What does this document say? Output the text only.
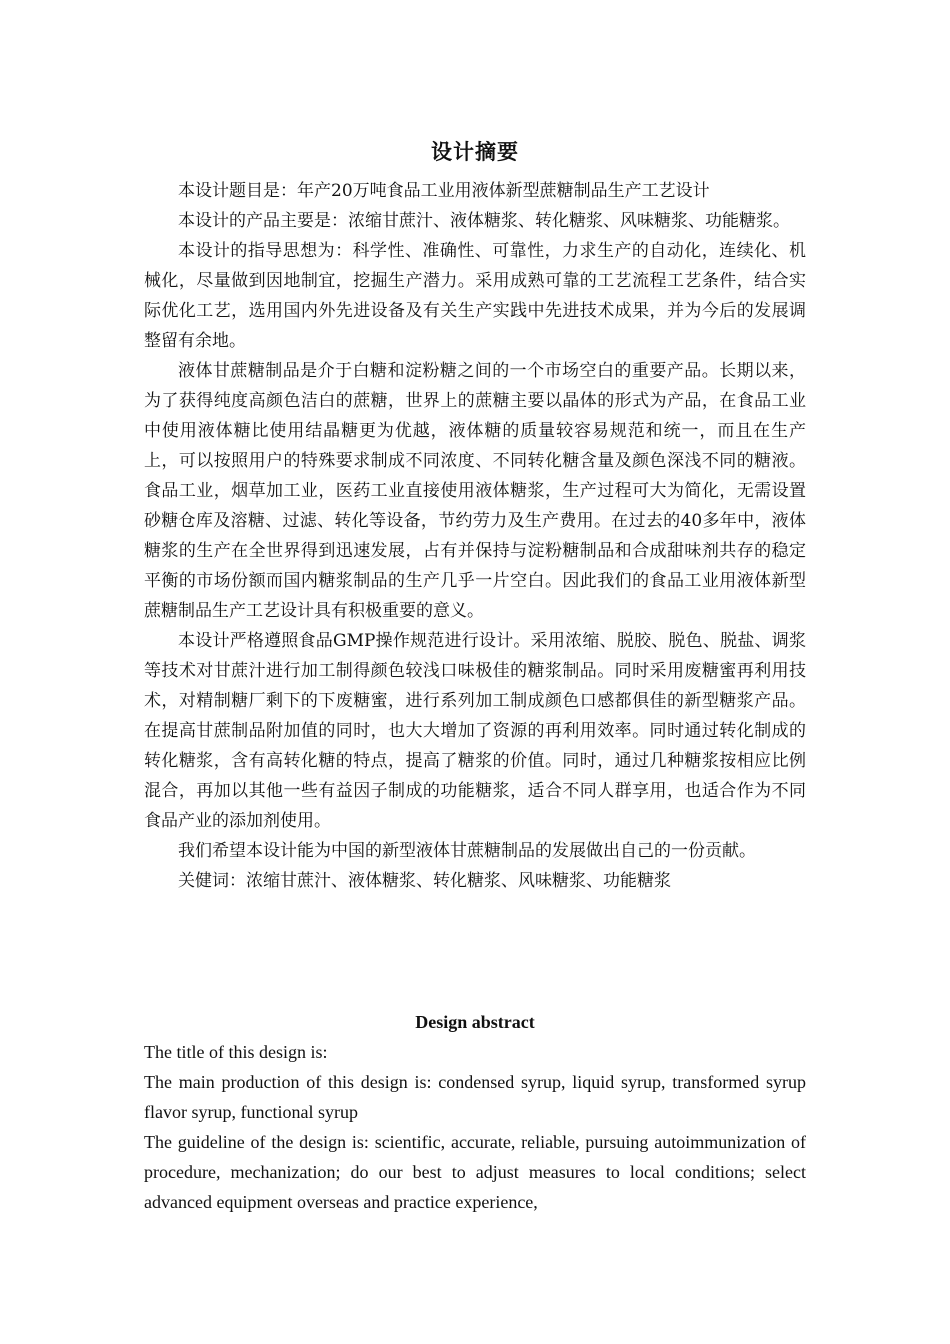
设计摘要

本设计题目是：年产20万吨食品工业用液体新型蔗糖制品生产工艺设计

本设计的产品主要是：浓缩甘蔗汁、液体糖浆、转化糖浆、风味糖浆、功能糖浆。

本设计的指导思想为：科学性、准确性、可靠性，力求生产的自动化，连续化、机械化，尽量做到因地制宜，挖掘生产潜力。采用成熟可靠的工艺流程工艺条件，结合实际优化工艺，选用国内外先进设备及有关生产实践中先进技术成果，并为今后的发展调整留有余地。

液体甘蔗糖制品是介于白糖和淀粉糖之间的一个市场空白的重要产品。长期以来，为了获得纯度高颜色洁白的蔗糖，世界上的蔗糖主要以晶体的形式为产品，在食品工业中使用液体糖比使用结晶糖更为优越，液体糖的质量较容易规范和统一，而且在生产上，可以按照用户的特殊要求制成不同浓度、不同转化糖含量及颜色深浅不同的糖液。食品工业，烟草加工业，医药工业直接使用液体糖浆，生产过程可大为简化，无需设置砂糖仓库及溶糖、过滤、转化等设备，节约劳力及生产费用。在过去的40多年中，液体糖浆的生产在全世界得到迅速发展，占有并保持与淀粉糖制品和合成甜味剂共存的稳定平衡的市场份额而国内糖浆制品的生产几乎一片空白。因此我们的食品工业用液体新型蔗糖制品生产工艺设计具有积极重要的意义。

本设计严格遵照食品GMP操作规范进行设计。采用浓缩、脱胶、脱色、脱盐、调浆等技术对甘蔗汁进行加工制得颜色较浅口味极佳的糖浆制品。同时采用废糖蜜再利用技术，对精制糖厂剩下的下废糖蜜，进行系列加工制成颜色口感都俱佳的新型糖浆产品。在提高甘蔗制品附加值的同时，也大大增加了资源的再利用效率。同时通过转化制成的转化糖浆，含有高转化糖的特点，提高了糖浆的价值。同时，通过几种糖浆按相应比例混合，再加以其他一些有益因子制成的功能糖浆，适合不同人群享用，也适合作为不同食品产业的添加剂使用。

我们希望本设计能为中国的新型液体甘蔗糖制品的发展做出自己的一份贡献。

关健词：浓缩甘蔗汁、液体糖浆、转化糖浆、风味糖浆、功能糖浆

Design abstract

The title of this design is:

The main production of this design is: condensed syrup, liquid syrup, transformed syrup flavor syrup, functional syrup

The guideline of the design is: scientific, accurate, reliable, pursuing autoimmunization of procedure, mechanization; do our best to adjust measures to local conditions; select advanced equipment overseas and practice experience,
